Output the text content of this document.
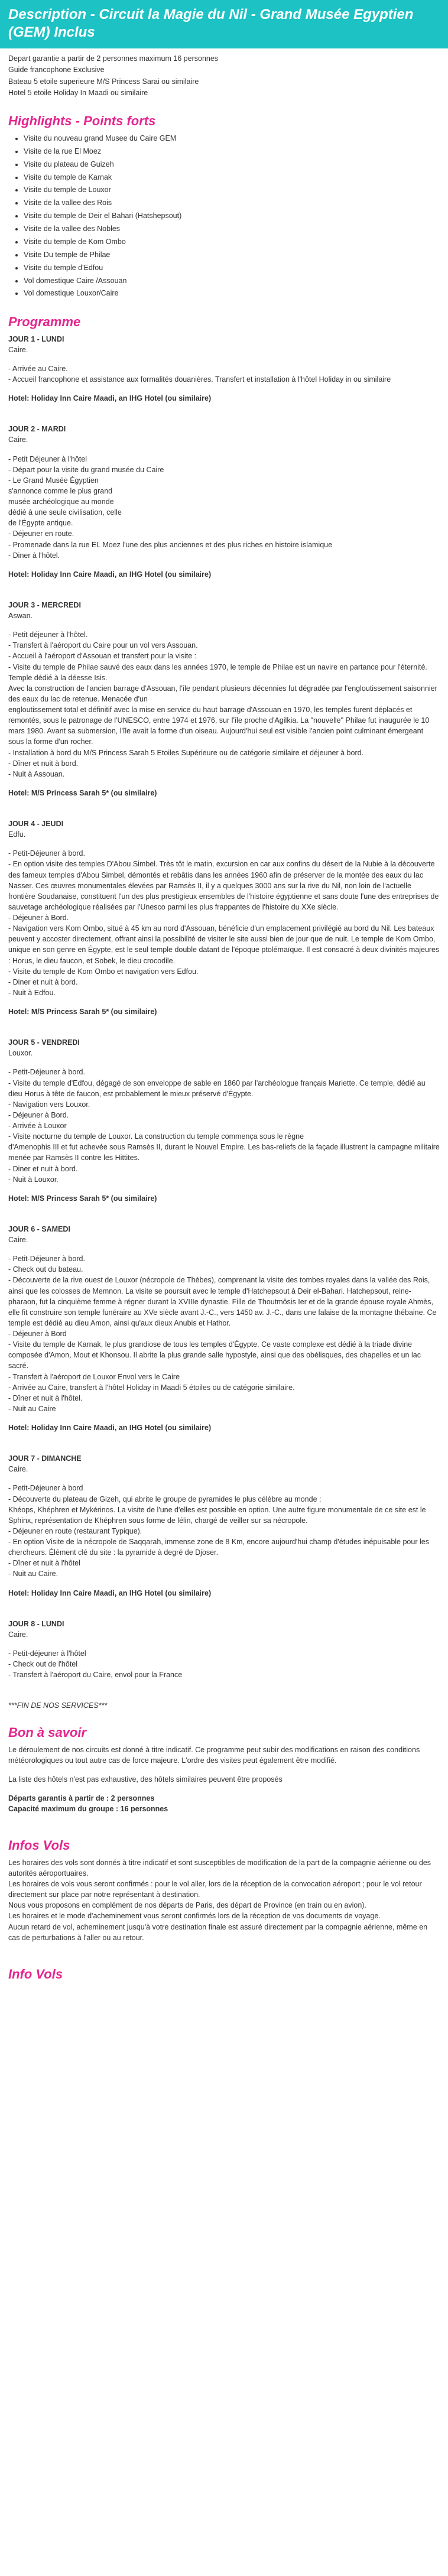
Description - Circuit la Magie du Nil - Grand Musée Egyptien (GEM) Inclus

Depart garantie a partir de 2 personnes maximum 16 personnes

Guide francophone Exclusive

Bateau 5 etoile superieure M/S Princess Sarai ou similaire

Hotel 5 etoile Holiday In Maadi ou similaire

Highlights - Points forts
• Visite du nouveau grand Musee du Caire GEM
• Visite de la rue El Moez
• Visite du plateau de Guizeh
• Visite du temple de Karnak
• Visite du temple de Louxor
• Visite de la vallee des Rois
• Visite du temple de Deir el Bahari (Hatshepsout)
• Visite de la vallee des Nobles
• Visite du temple de Kom Ombo
• Visite Du temple de Philae
• Visite du temple d'Edfou
• Vol domestique Caire /Assouan
• Vol domestique Louxor/Caire
Programme

JOUR 1 - LUNDI

Caire.

- Arrivée au Caire.

- Accueil francophone et assistance aux formalités douanières. Transfert et installation à l'hôtel Holiday in ou similaire

Hotel: Holiday Inn Caire Maadi, an IHG Hotel (ou similaire)

JOUR 2 - MARDI

Caire.

- Petit Déjeuner à l'hôtel

- Départ pour la visite du grand musée du Caire

- Le Grand Musée Égyptien

s'annonce comme le plus grand

musée archéologique au monde

dédié à une seule civilisation, celle

de l'Égypte antique.

- Déjeuner en route.

- Promenade dans la rue EL Moez l'une des plus anciennes et des plus riches en histoire islamique

- Diner à l'hôtel.

Hotel: Holiday Inn Caire Maadi, an IHG Hotel (ou similaire)

JOUR 3 - MERCREDI

Aswan.

- Petit déjeuner à l'hôtel.

- Transfert à l'aéroport du Caire pour un vol vers Assouan.

- Accueil à l'aéroport d'Assouan et transfert pour la visite :

- Visite du temple de Philae sauvé des eaux dans les années 1970, le temple de Philae est un navire en partance pour l'éternité. Temple dédié à la déesse Isis.

Avec la construction de l'ancien barrage d'Assouan, l'île pendant plusieurs décennies fut dégradée par l'engloutissement saisonnier des eaux du lac de retenue. Menacée d'un

engloutissement total et définitif avec la mise en service du haut barrage d'Assouan en 1970, les temples furent déplacés et remontés, sous le patronage de l'UNESCO, entre 1974 et 1976, sur l'île proche d'Agilkia. La "nouvelle" Philae fut inaugurée le 10 mars 1980. Avant sa submersion, l'île avait la forme d'un oiseau. Aujourd'hui seul est visible l'ancien point culminant émergeant sous la forme d'un rocher.

- Installation à bord du M/S Princess Sarah 5 Etoiles Supérieure ou de catégorie similaire et déjeuner à bord.

- Dîner et nuit à bord.

- Nuit à Assouan.

Hotel: M/S Princess Sarah 5* (ou similaire)

JOUR 4 - JEUDI

Edfu.

- Petit-Déjeuner à bord.

- En option visite des temples D'Abou Simbel. Très tôt le matin, excursion en car aux confins du désert de la Nubie à la découverte des fameux temples d'Abou Simbel, démontés et rebâtis dans les années 1960 afin de préserver de la montée des eaux du lac Nasser. Ces œuvres monumentales élevées par Ramsès II, il y a quelques 3000 ans sur la rive du Nil, non loin de l'actuelle frontière Soudanaise, constituent l'un des plus prestigieux ensembles de l'histoire égyptienne et sans doute l'une des entreprises de sauvetage archéologique réalisées par l'Unesco parmi les plus frappantes de l'histoire du XXe siècle.

- Déjeuner à Bord.

- Navigation vers Kom Ombo, situé à 45 km au nord d'Assouan, bénéficie d'un emplacement privilégié au bord du Nil. Les bateaux peuvent y accoster directement, offrant ainsi la possibilité de visiter le site aussi bien de jour que de nuit. Le temple de Kom Ombo, unique en son genre en Égypte, est le seul temple double datant de l'époque ptolémaïque. Il est consacré à deux divinités majeures : Horus, le dieu faucon, et Sobek, le dieu crocodile.

- Visite du temple de Kom Ombo et navigation vers Edfou.

- Diner et nuit à bord.

- Nuit à Edfou.

Hotel: M/S Princess Sarah 5* (ou similaire)

JOUR 5 - VENDREDI

Louxor.

- Petit-Déjeuner à bord.

- Visite du temple d'Edfou, dégagé de son enveloppe de sable en 1860 par l'archéologue français Mariette. Ce temple, dédié au dieu Horus à tête de faucon, est probablement le mieux préservé d'Égypte.

- Navigation vers Louxor.

- Déjeuner à Bord.

- Arrivée à Louxor

- Visite nocturne du temple de Louxor. La construction du temple commença sous le règne

d'Amenophis III et fut achevée sous Ramsès II, durant le Nouvel Empire. Les bas-reliefs de la façade illustrent la campagne militaire menée par Ramsès II contre les Hittites.

- Diner et nuit à bord.

- Nuit à Louxor.

Hotel: M/S Princess Sarah 5* (ou similaire)

JOUR 6 - SAMEDI

Caire.

- Petit-Déjeuner à bord.

- Check out du bateau.

- Découverte de la rive ouest de Louxor (nécropole de Thèbes), comprenant la visite des tombes royales dans la vallée des Rois, ainsi que les colosses de Memnon. La visite se poursuit avec le temple d'Hatchepsout à Deir el-Bahari. Hatchepsout, reine-pharaon, fut la cinquième femme à régner durant la XVIIIe dynastie. Fille de Thoutmôsis Ier et de la grande épouse royale Ahmès, elle fit construire son temple funéraire au XVe siècle avant J.-C., vers 1450 av. J.-C., dans une falaise de la montagne thébaine. Ce temple est dédié au dieu Amon, ainsi qu'aux dieux Anubis et Hathor.

- Déjeuner à Bord

- Visite du temple de Karnak, le plus grandiose de tous les temples d'Égypte. Ce vaste complexe est dédié à la triade divine composée d'Amon, Mout et Khonsou. Il abrite la plus grande salle hypostyle, ainsi que des obélisques, des chapelles et un lac sacré.

- Transfert à l'aéroport de Louxor Envol vers le Caire

- Arrivée au Caire, transfert à l'hôtel Holiday in Maadi 5 étoiles ou de catégorie similaire.

- Dîner et nuit à l'hôtel.

- Nuit au Caire

Hotel: Holiday Inn Caire Maadi, an IHG Hotel (ou similaire)

JOUR 7 - DIMANCHE

Caire.

- Petit-Déjeuner à bord

- Découverte du plateau de Gizeh, qui abrite le groupe de pyramides le plus célèbre au monde :

Khéops, Khéphren et Mykérinos. La visite de l'une d'elles est possible en option. Une autre figure monumentale de ce site est le Sphinx, représentation de Khéphren sous forme de lélin, chargé de veiller sur sa nécropole.

- Déjeuner en route (restaurant Typique).

- En option Visite de la nécropole de Saqqarah, immense zone de 8 Km, encore aujourd'hui champ d'études inépuisable pour les chercheurs. Élément clé du site : la pyramide à degré de Djoser.

- Dîner et nuit à l'hôtel

- Nuit au Caire.

Hotel: Holiday Inn Caire Maadi, an IHG Hotel (ou similaire)

JOUR 8 - LUNDI

Caire.

- Petit-déjeuner à l'hôtel

- Check out de l'hôtel

- Transfert à l'aéroport du Caire, envol pour la France

***FIN DE NOS SERVICES***

Bon à savoir

Le déroulement de nos circuits est donné à titre indicatif. Ce programme peut subir des modifications en raison des conditions météorologiques ou tout autre cas de force majeure. L'ordre des visites peut également être modifié.

La liste des hôtels n'est pas exhaustive, des hôtels similaires peuvent être proposés

Départs garantis à partir de : 2 personnes

Capacité maximum du groupe : 16 personnes

Infos Vols

Les horaires des vols sont donnés à titre indicatif et sont susceptibles de modification de la part de la compagnie aérienne ou des autorités aéroportuaires.

Les horaires de vols vous seront confirmés : pour le vol aller, lors de la réception de la convocation aéroport ; pour le vol retour directement sur place par notre représentant à destination.

Nous vous proposons en complément de nos départs de Paris, des départ de Province (en train ou en avion).

Les horaires et le mode d'acheminement vous seront confirmés lors de la réception de vos documents de voyage.

Aucun retard de vol, acheminement jusqu'à votre destination finale est assuré directement par la compagnie aérienne, même en cas de perturbations à l'aller ou au retour.

Info Vols
